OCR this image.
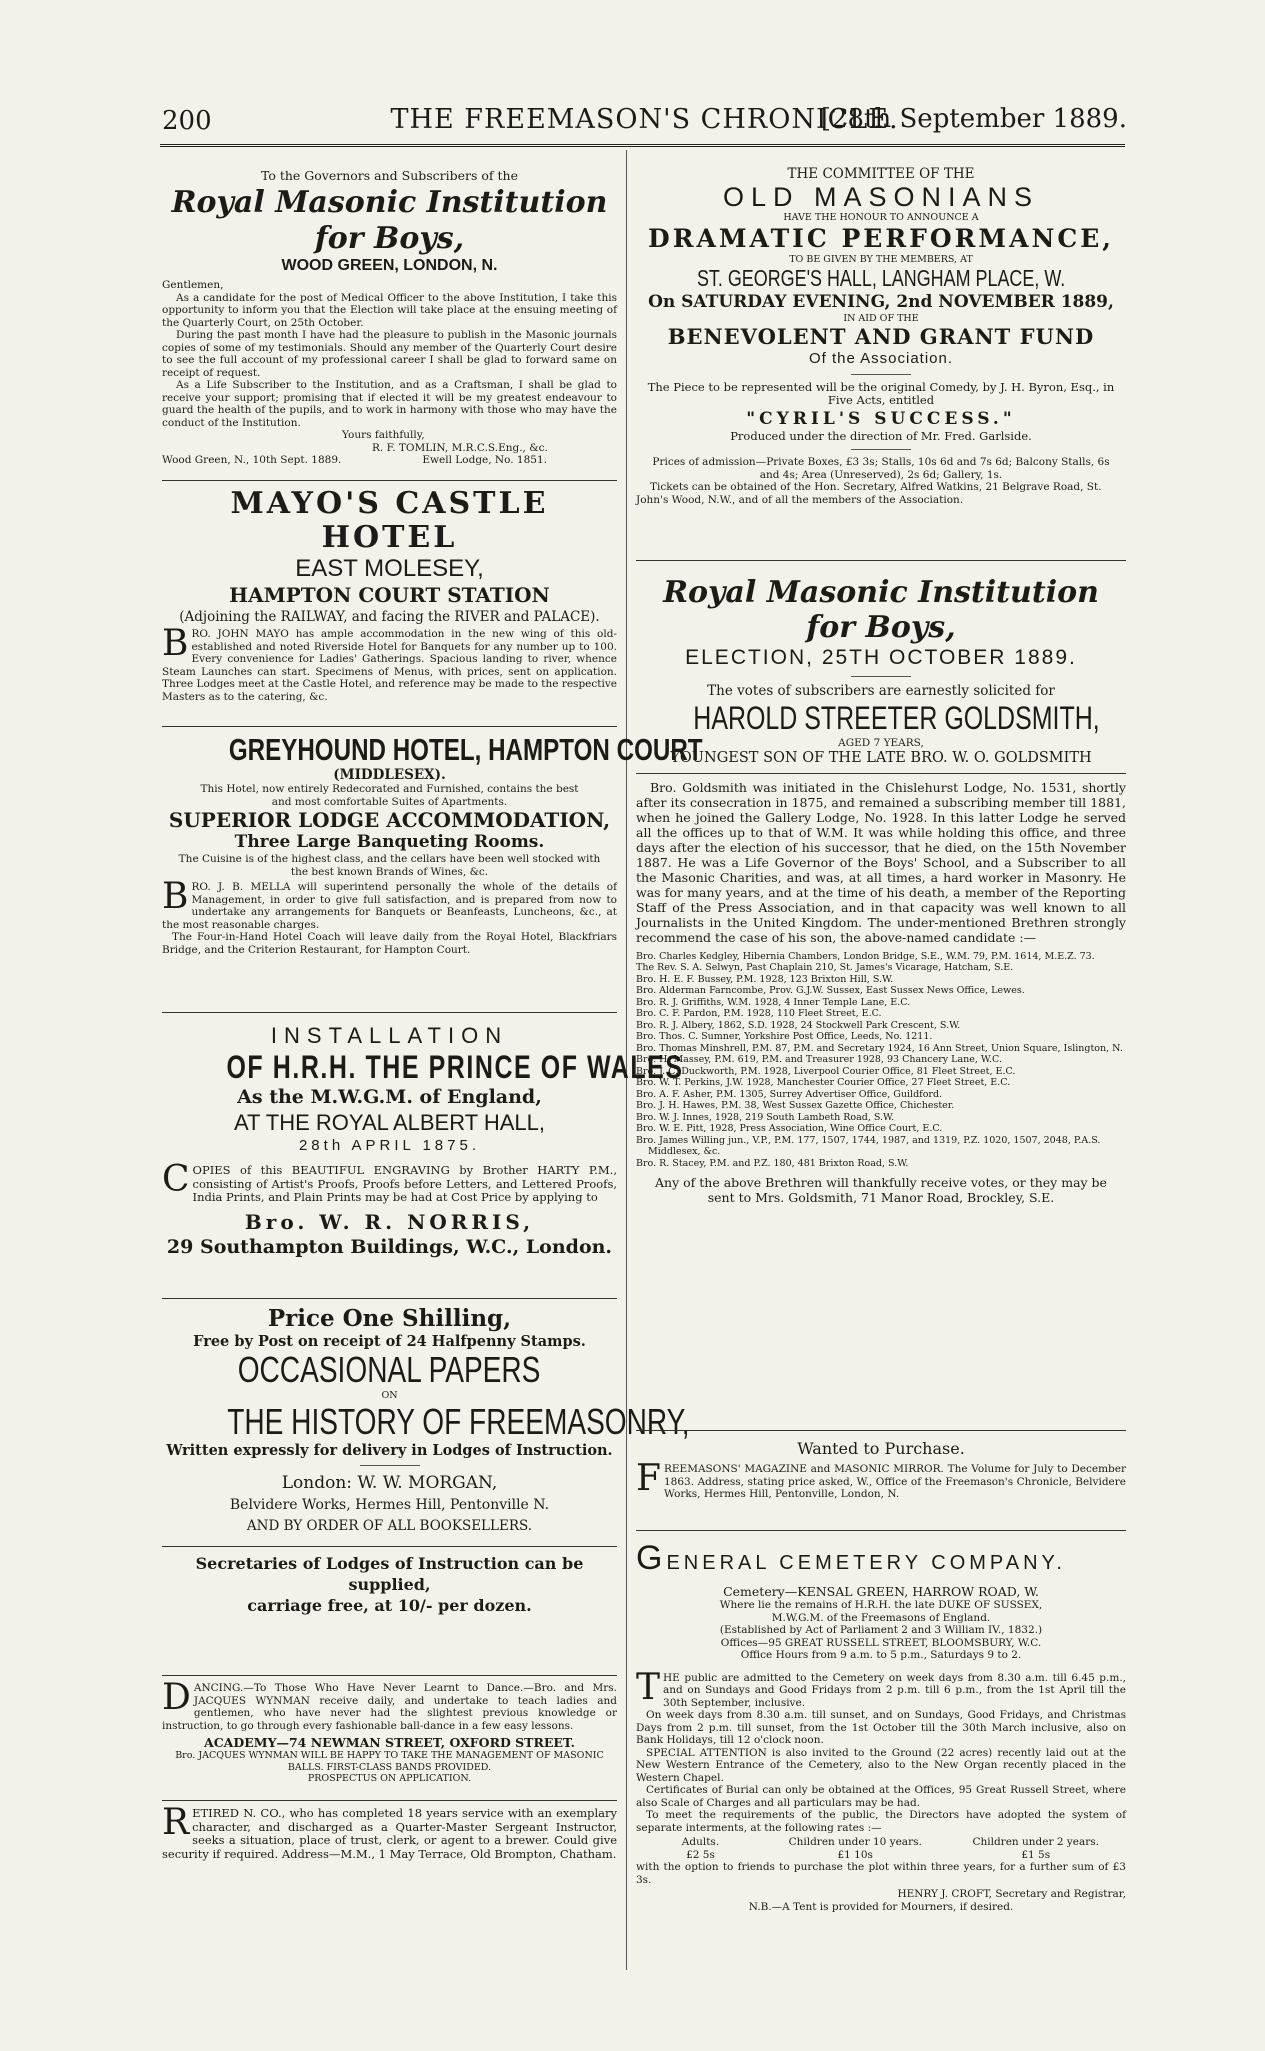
200	THE FREEMASON'S CHRONICLE.
[28th September 1889.

To the Governors and Subscribers of the

Royal Masonic Institution for Boys,

WOOD GREEN, LONDON, N.

Gentlemen,

As a candidate for the post of Medical Officer to the above Institution, I take this opportunity to inform you that the Election will take place at the ensuing meeting of the Quarterly Court, on 25th October.

During the past month I have had the pleasure to publish in the Masonic journals copies of some of my testimonials. Should any member of the Quarterly Court desire to see the full account of my professional career I shall be glad to forward same on receipt of request.

As a Life Subscriber to the Institution, and as a Craftsman, I shall be glad to receive your support; promising that if elected it will be my greatest endeavour to guard the health of the pupils, and to work in harmony with those who may have the conduct of the Institution.

Yours faithfully,

R. F. TOMLIN, M.R.C.S.Eng., &c.

Wood Green, N., 10th Sept. 1889.	Ewell Lodge, No. 1851.

MAYO'S CASTLE HOTEL

EAST MOLESEY,

HAMPTON COURT STATION

(Adjoining the RAILWAY, and facing the RIVER and PALACE).

BRO. JOHN MAYO has ample accommodation in the new wing of this old-established and noted Riverside Hotel for Banquets for any number up to 100. Every convenience for Ladies' Gatherings. Spacious landing to river, whence Steam Launches can start. Specimens of Menus, with prices, sent on application. Three Lodges meet at the Castle Hotel, and reference may be made to the respective Masters as to the catering, &c.

GREYHOUND HOTEL, HAMPTON COURT

(MIDDLESEX).

This Hotel, now entirely Redecorated and Furnished, contains the best and most comfortable Suites of Apartments.

SUPERIOR LODGE ACCOMMODATION,

Three Large Banqueting Rooms.

The Cuisine is of the highest class, and the cellars have been well stocked with the best known Brands of Wines, &c.

BRO. J. B. MELLA will superintend personally the whole of the details of Management, in order to give full satisfaction, and is prepared from now to undertake any arrangements for Banquets or Beanfeasts, Luncheons, &c., at the most reasonable charges.

The Four-in-Hand Hotel Coach will leave daily from the Royal Hotel, Blackfriars Bridge, and the Criterion Restaurant, for Hampton Court.

INSTALLATION

OF H.R.H. THE PRINCE OF WALES

As the M.W.G.M. of England,

AT THE ROYAL ALBERT HALL,

28th APRIL 1875.

COPIES of this BEAUTIFUL ENGRAVING by Brother HARTY P.M., consisting of Artist's Proofs, Proofs before Letters, and Lettered Proofs, India Prints, and Plain Prints may be had at Cost Price by applying to

Bro. W. R. NORRIS,

29 Southampton Buildings, W.C., London.

Price One Shilling,

Free by Post on receipt of 24 Halfpenny Stamps.

OCCASIONAL PAPERS

ON

THE HISTORY OF FREEMASONRY,

Written expressly for delivery in Lodges of Instruction.

London: W. W. MORGAN,

Belvidere Works, Hermes Hill, Pentonville N.

AND BY ORDER OF ALL BOOKSELLERS.

Secretaries of Lodges of Instruction can be supplied,

carriage free, at 10/- per dozen.

DANCING.—To Those Who Have Never Learnt to Dance.—Bro. and Mrs. JACQUES WYNMAN receive daily, and undertake to teach ladies and gentlemen, who have never had the slightest previous knowledge or instruction, to go through every fashionable ball-dance in a few easy lessons.

ACADEMY—74 NEWMAN STREET, OXFORD STREET.

Bro. JACQUES WYNMAN WILL BE HAPPY TO TAKE THE MANAGEMENT OF MASONIC BALLS. FIRST-CLASS BANDS PROVIDED.

PROSPECTUS ON APPLICATION.

RETIRED N. CO., who has completed 18 years service with an exemplary character, and discharged as a Quarter-Master Sergeant Instructor, seeks a situation, place of trust, clerk, or agent to a brewer. Could give security if required. Address—M.M., 1 May Terrace, Old Brompton, Chatham.

THE COMMITTEE OF THE

OLD MASONIANS

HAVE THE HONOUR TO ANNOUNCE A

DRAMATIC PERFORMANCE,

TO BE GIVEN BY THE MEMBERS, AT

ST. GEORGE'S HALL, LANGHAM PLACE, W.

On SATURDAY EVENING, 2nd NOVEMBER 1889,

IN AID OF THE

BENEVOLENT AND GRANT FUND

Of the Association.

The Piece to be represented will be the original Comedy, by J. H. Byron, Esq., in Five Acts, entitled

"CYRIL'S SUCCESS."

Produced under the direction of Mr. Fred. Garlside.

Prices of admission—Private Boxes, £3 3s; Stalls, 10s 6d and 7s 6d; Balcony Stalls, 6s and 4s; Area (Unreserved), 2s 6d; Gallery, 1s.

Tickets can be obtained of the Hon. Secretary, Alfred Watkins, 21 Belgrave Road, St. John's Wood, N.W., and of all the members of the Association.

Royal Masonic Institution for Boys,

ELECTION, 25TH OCTOBER 1889.

The votes of subscribers are earnestly solicited for

HAROLD STREETER GOLDSMITH,

AGED 7 YEARS,

YOUNGEST SON OF THE LATE BRO. W. O. GOLDSMITH

Bro. Goldsmith was initiated in the Chislehurst Lodge, No. 1531, shortly after its consecration in 1875, and remained a subscribing member till 1881, when he joined the Gallery Lodge, No. 1928. In this latter Lodge he served all the offices up to that of W.M. It was while holding this office, and three days after the election of his successor, that he died, on the 15th November 1887. He was a Life Governor of the Boys' School, and a Subscriber to all the Masonic Charities, and was, at all times, a hard worker in Masonry. He was for many years, and at the time of his death, a member of the Reporting Staff of the Press Association, and in that capacity was well known to all Journalists in the United Kingdom. The under-mentioned Brethren strongly recommend the case of his son, the above-named candidate :—

Bro. Charles Kedgley, Hibernia Chambers, London Bridge, S.E., W.M. 79, P.M. 1614, M.E.Z. 73.

The Rev. S. A. Selwyn, Past Chaplain 210, St. James's Vicarage, Hatcham, S.E.

Bro. H. E. F. Bussey, P.M. 1928, 123 Brixton Hill, S.W.

Bro. Alderman Farncombe, Prov. G.J.W. Sussex, East Sussex News Office, Lewes.

Bro. R. J. Griffiths, W.M. 1928, 4 Inner Temple Lane, E.C.

Bro. C. F. Pardon, P.M. 1928, 110 Fleet Street, E.C.

Bro. R. J. Albery, 1862, S.D. 1928, 24 Stockwell Park Crescent, S.W.

Bro. Thos. C. Sumner, Yorkshire Post Office, Leeds, No. 1211.

Bro. Thomas Minshrell, P.M. 87, P.M. and Secretary 1924, 16 Ann Street, Union Square, Islington, N.

Bro. H. Massey, P.M. 619, P.M. and Treasurer 1928, 93 Chancery Lane, W.C.

Bro. J. C. Duckworth, P.M. 1928, Liverpool Courier Office, 81 Fleet Street, E.C.

Bro. W. T. Perkins, J.W. 1928, Manchester Courier Office, 27 Fleet Street, E.C.

Bro. A. F. Asher, P.M. 1305, Surrey Advertiser Office, Guildford.

Bro. J. H. Hawes, P.M. 38, West Sussex Gazette Office, Chichester.

Bro. W. J. Innes, 1928, 219 South Lambeth Road, S.W.

Bro. W. E. Pitt, 1928, Press Association, Wine Office Court, E.C.

Bro. James Willing jun., V.P., P.M. 177, 1507, 1744, 1987, and 1319, P.Z. 1020, 1507, 2048, P.A.S. Middlesex, &c.

Bro. R. Stacey, P.M. and P.Z. 180, 481 Brixton Road, S.W.

Any of the above Brethren will thankfully receive votes, or they may be sent to Mrs. Goldsmith, 71 Manor Road, Brockley, S.E.

Wanted to Purchase.

FREEMASONS' MAGAZINE and MASONIC MIRROR. The Volume for July to December 1863. Address, stating price asked, W., Office of the Freemason's Chronicle, Belvidere Works, Hermes Hill, Pentonville, London, N.

GENERAL CEMETERY COMPANY.

Cemetery—KENSAL GREEN, HARROW ROAD, W.

Where lie the remains of H.R.H. the late DUKE OF SUSSEX,

M.W.G.M. of the Freemasons of England.

(Established by Act of Parliament 2 and 3 William IV., 1832.)

Offices—95 GREAT RUSSELL STREET, BLOOMSBURY, W.C.

Office Hours from 9 a.m. to 5 p.m., Saturdays 9 to 2.

THE public are admitted to the Cemetery on week days from 8.30 a.m. till 6.45 p.m., and on Sundays and Good Fridays from 2 p.m. till 6 p.m., from the 1st April till the 30th September, inclusive.

On week days from 8.30 a.m. till sunset, and on Sundays, Good Fridays, and Christmas Days from 2 p.m. till sunset, from the 1st October till the 30th March inclusive, also on Bank Holidays, till 12 o'clock noon.

SPECIAL ATTENTION is also invited to the Ground (22 acres) recently laid out at the New Western Entrance of the Cemetery, also to the New Organ recently placed in the Western Chapel.

Certificates of Burial can only be obtained at the Offices, 95 Great Russell Street, where also Scale of Charges and all particulars may be had.

To meet the requirements of the public, the Directors have adopted the system of separate interments, at the following rates :—

Adults.	Children under 10 years.	Children under 2 years.
£2 5s	£1 10s	£1 5s

with the option to friends to purchase the plot within three years, for a further sum of £3 3s.

HENRY J. CROFT, Secretary and Registrar,

N.B.—A Tent is provided for Mourners, if desired.
